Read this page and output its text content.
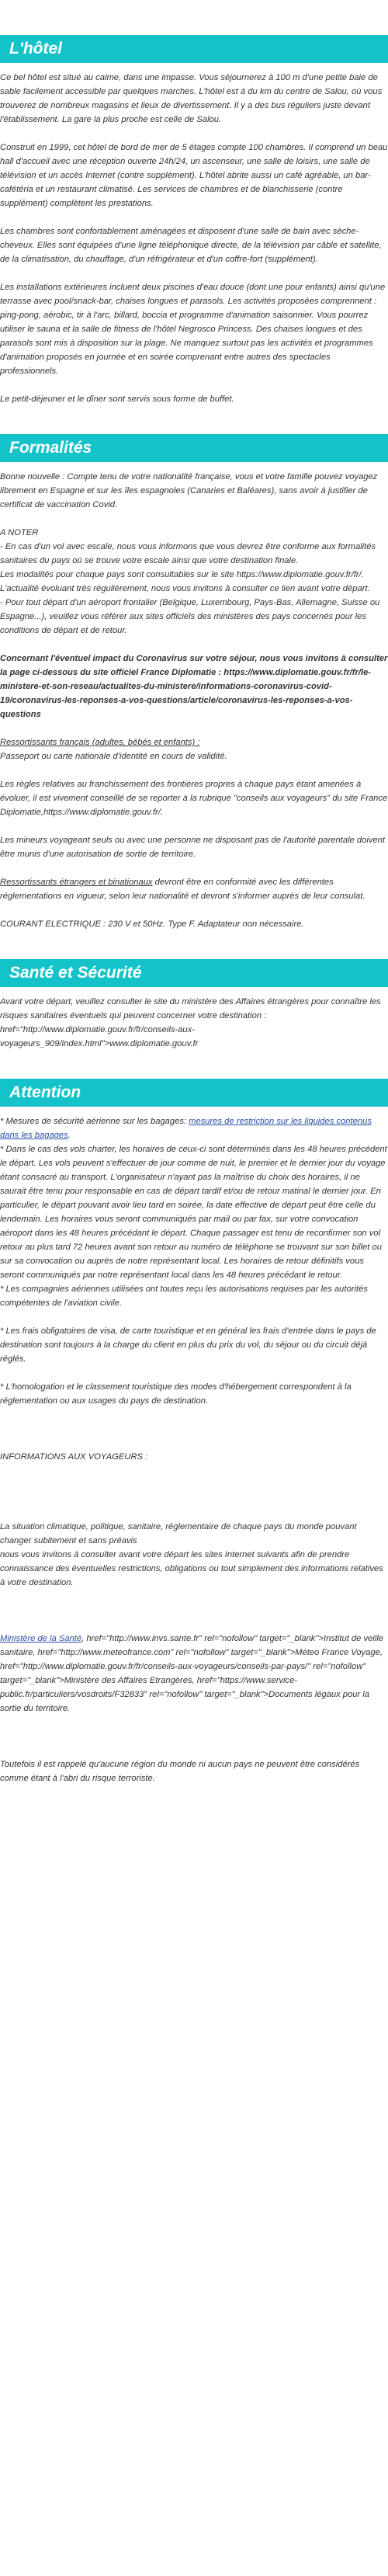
L'hôtel

Ce bel hôtel est situé au calme, dans une impasse. Vous séjournerez à 100 m d'une petite baie de sable facilement accessible par quelques marches. L'hôtel est à du km du centre de Salou, où vous trouverez de nombreux magasins et lieux de divertissement. Il y a des bus réguliers juste devant l'établissement. La gare la plus proche est celle de Salou.

Construit en 1999, cet hôtel de bord de mer de 5 étages compte 100 chambres. Il comprend un beau hall d'accueil avec une réception ouverte 24h/24, un ascenseur, une salle de loisirs, une salle de télévision et un accès Internet (contre supplément). L'hôtel abrite aussi un café agréable, un bar-cafétéria et un restaurant climatisé. Les services de chambres et de blanchisserie (contre supplément) complètent les prestations.

Les chambres sont confortablement aménagées et disposent d'une salle de bain avec sèche-cheveux. Elles sont équipées d'une ligne téléphonique directe, de la télévision par câble et satellite, de la climatisation, du chauffage, d'un réfrigérateur et d'un coffre-fort (supplément).

Les installations extérieures incluent deux piscines d'eau douce (dont une pour enfants) ainsi qu'une terrasse avec pool/snack-bar, chaises longues et parasols. Les activités proposées comprennent : ping-pong, aérobic, tir à l'arc, billard, boccia et programme d'animation saisonnier. Vous pourrez utiliser le sauna et la salle de fitness de l'hôtel Negrosco Princess. Des chaises longues et des parasols sont mis à disposition sur la plage. Ne manquez surtout pas les activités et programmes d'animation proposés en journée et en soirée comprenant entre autres des spectacles professionnels.

Le petit-déjeuner et le dîner sont servis sous forme de buffet.

Formalités

Bonne nouvelle : Compte tenu de votre nationalité française, vous et votre famille pouvez voyagez librement en Espagne et sur les îles espagnoles (Canaries et Baléares), sans avoir à justifier de certificat de vaccination Covid.

A NOTER

- En cas d'un vol avec escale, nous vous informons que vous devrez être conforme aux formalités sanitaires du pays où se trouve votre escale ainsi que votre destination finale.

Les modalités pour chaque pays sont consultables sur le site https://www.diplomatie.gouv.fr/fr/. L'actualité évoluant très régulièrement, nous vous invitons à consulter ce lien avant votre départ.

- Pour tout départ d'un aéroport frontalier (Belgique, Luxembourg, Pays-Bas, Allemagne, Suisse ou Espagne...), veuillez vous référer aux sites officiels des ministères des pays concernés pour les conditions de départ et de retour.

Concernant l'éventuel impact du Coronavirus sur votre séjour, nous vous invitons à consulter la page ci-dessous du site officiel France Diplomatie : https://www.diplomatie.gouv.fr/fr/le-ministere-et-son-reseau/actualites-du-ministere/informations-coronavirus-covid-19/coronavirus-les-reponses-a-vos-questions/article/coronavirus-les-reponses-a-vos-questions

Ressortissants français (adultes, bébés et enfants) :

Passeport ou carte nationale d'identité en cours de validité.

Les règles relatives au franchissement des frontières propres à chaque pays étant amenées à évoluer, il est vivement conseillé de se reporter à la rubrique "conseils aux voyageurs" du site France Diplomatie,https://www.diplomatie.gouv.fr/.

Les mineurs voyageant seuls ou avec une personne ne disposant pas de l'autorité parentale doivent être munis d'une autorisation de sortie de territoire.

Ressortissants étrangers et binationaux devront être en conformité avec les différentes réglementations en vigueur, selon leur nationalité et devront s'informer auprès de leur consulat.

COURANT ELECTRIQUE : 230 V et 50Hz. Type F. Adaptateur non nécessaire.

Santé et Sécurité

Avant votre départ, veuillez consulter le site du ministère des Affaires étrangères pour connaître les risques sanitaires éventuels qui peuvent concerner votre destination : href="http://www.diplomatie.gouv.fr/fr/conseils-aux-voyageurs_909/index.html">www.diplomatie.gouv.fr

Attention

* Mesures de sécurité aérienne sur les bagages: mesures de restriction sur les liquides contenus dans les bagages.

* Dans le cas des vols charter, les horaires de ceux-ci sont déterminés dans les 48 heures précédent le départ. Les vols peuvent s'effectuer de jour comme de nuit, le premier et le dernier jour du voyage étant consacré au transport. L'organisateur n'ayant pas la maîtrise du choix des horaires, il ne saurait être tenu pour responsable en cas de départ tardif et/ou de retour matinal le dernier jour. En particulier, le départ pouvant avoir lieu tard en soirée, la date effective de départ peut être celle du lendemain. Les horaires vous seront communiqués par mail ou par fax, sur votre convocation aéroport dans les 48 heures précédant le départ. Chaque passager est tenu de reconfirmer son vol retour au plus tard 72 heures avant son retour au numéro de téléphone se trouvant sur son billet ou sur sa convocation ou auprès de notre représentant local. Les horaires de retour définitifs vous seront communiqués par notre représentant local dans les 48 heures précédant le retour.

* Les compagnies aériennes utilisées ont toutes reçu les autorisations requises par les autorités compétentes de l'aviation civile.

* Les frais obligatoires de visa, de carte touristique et en général les frais d'entrée dans le pays de destination sont toujours à la charge du client en plus du prix du vol, du séjour ou du circuit déjà réglés.

* L'homologation et le classement touristique des modes d'hébergement correspondent à la réglementation ou aux usages du pays de destination.

INFORMATIONS AUX VOYAGEURS :

La situation climatique, politique, sanitaire, réglementaire de chaque pays du monde pouvant changer subitement et sans préavis
nous vous invitons à consulter avant votre départ les sites Internet suivants afin de prendre connaissance des éventuelles restrictions, obligations ou tout simplement des informations relatives à votre destination.

Ministère de la Santé, href="http://www.invs.sante.fr" rel="nofollow" target="_blank">Institut de veille sanitaire, href="http://www.meteofrance.com" rel="nofollow" target="_blank">Méteo France Voyage, href="http://www.diplomatie.gouv.fr/fr/conseils-aux-voyageurs/conseils-par-pays/" rel="nofollow" target="_blank">Ministère des Affaires Etrangères, href="https://www.service-public.fr/particuliers/vosdroits/F32833" rel="nofollow" target="_blank">Documents légaux pour la sortie du territoire.

Toutefois il est rappelé qu'aucune région du monde ni aucun pays ne peuvent être considérés comme étant à l'abri du risque terroriste.
